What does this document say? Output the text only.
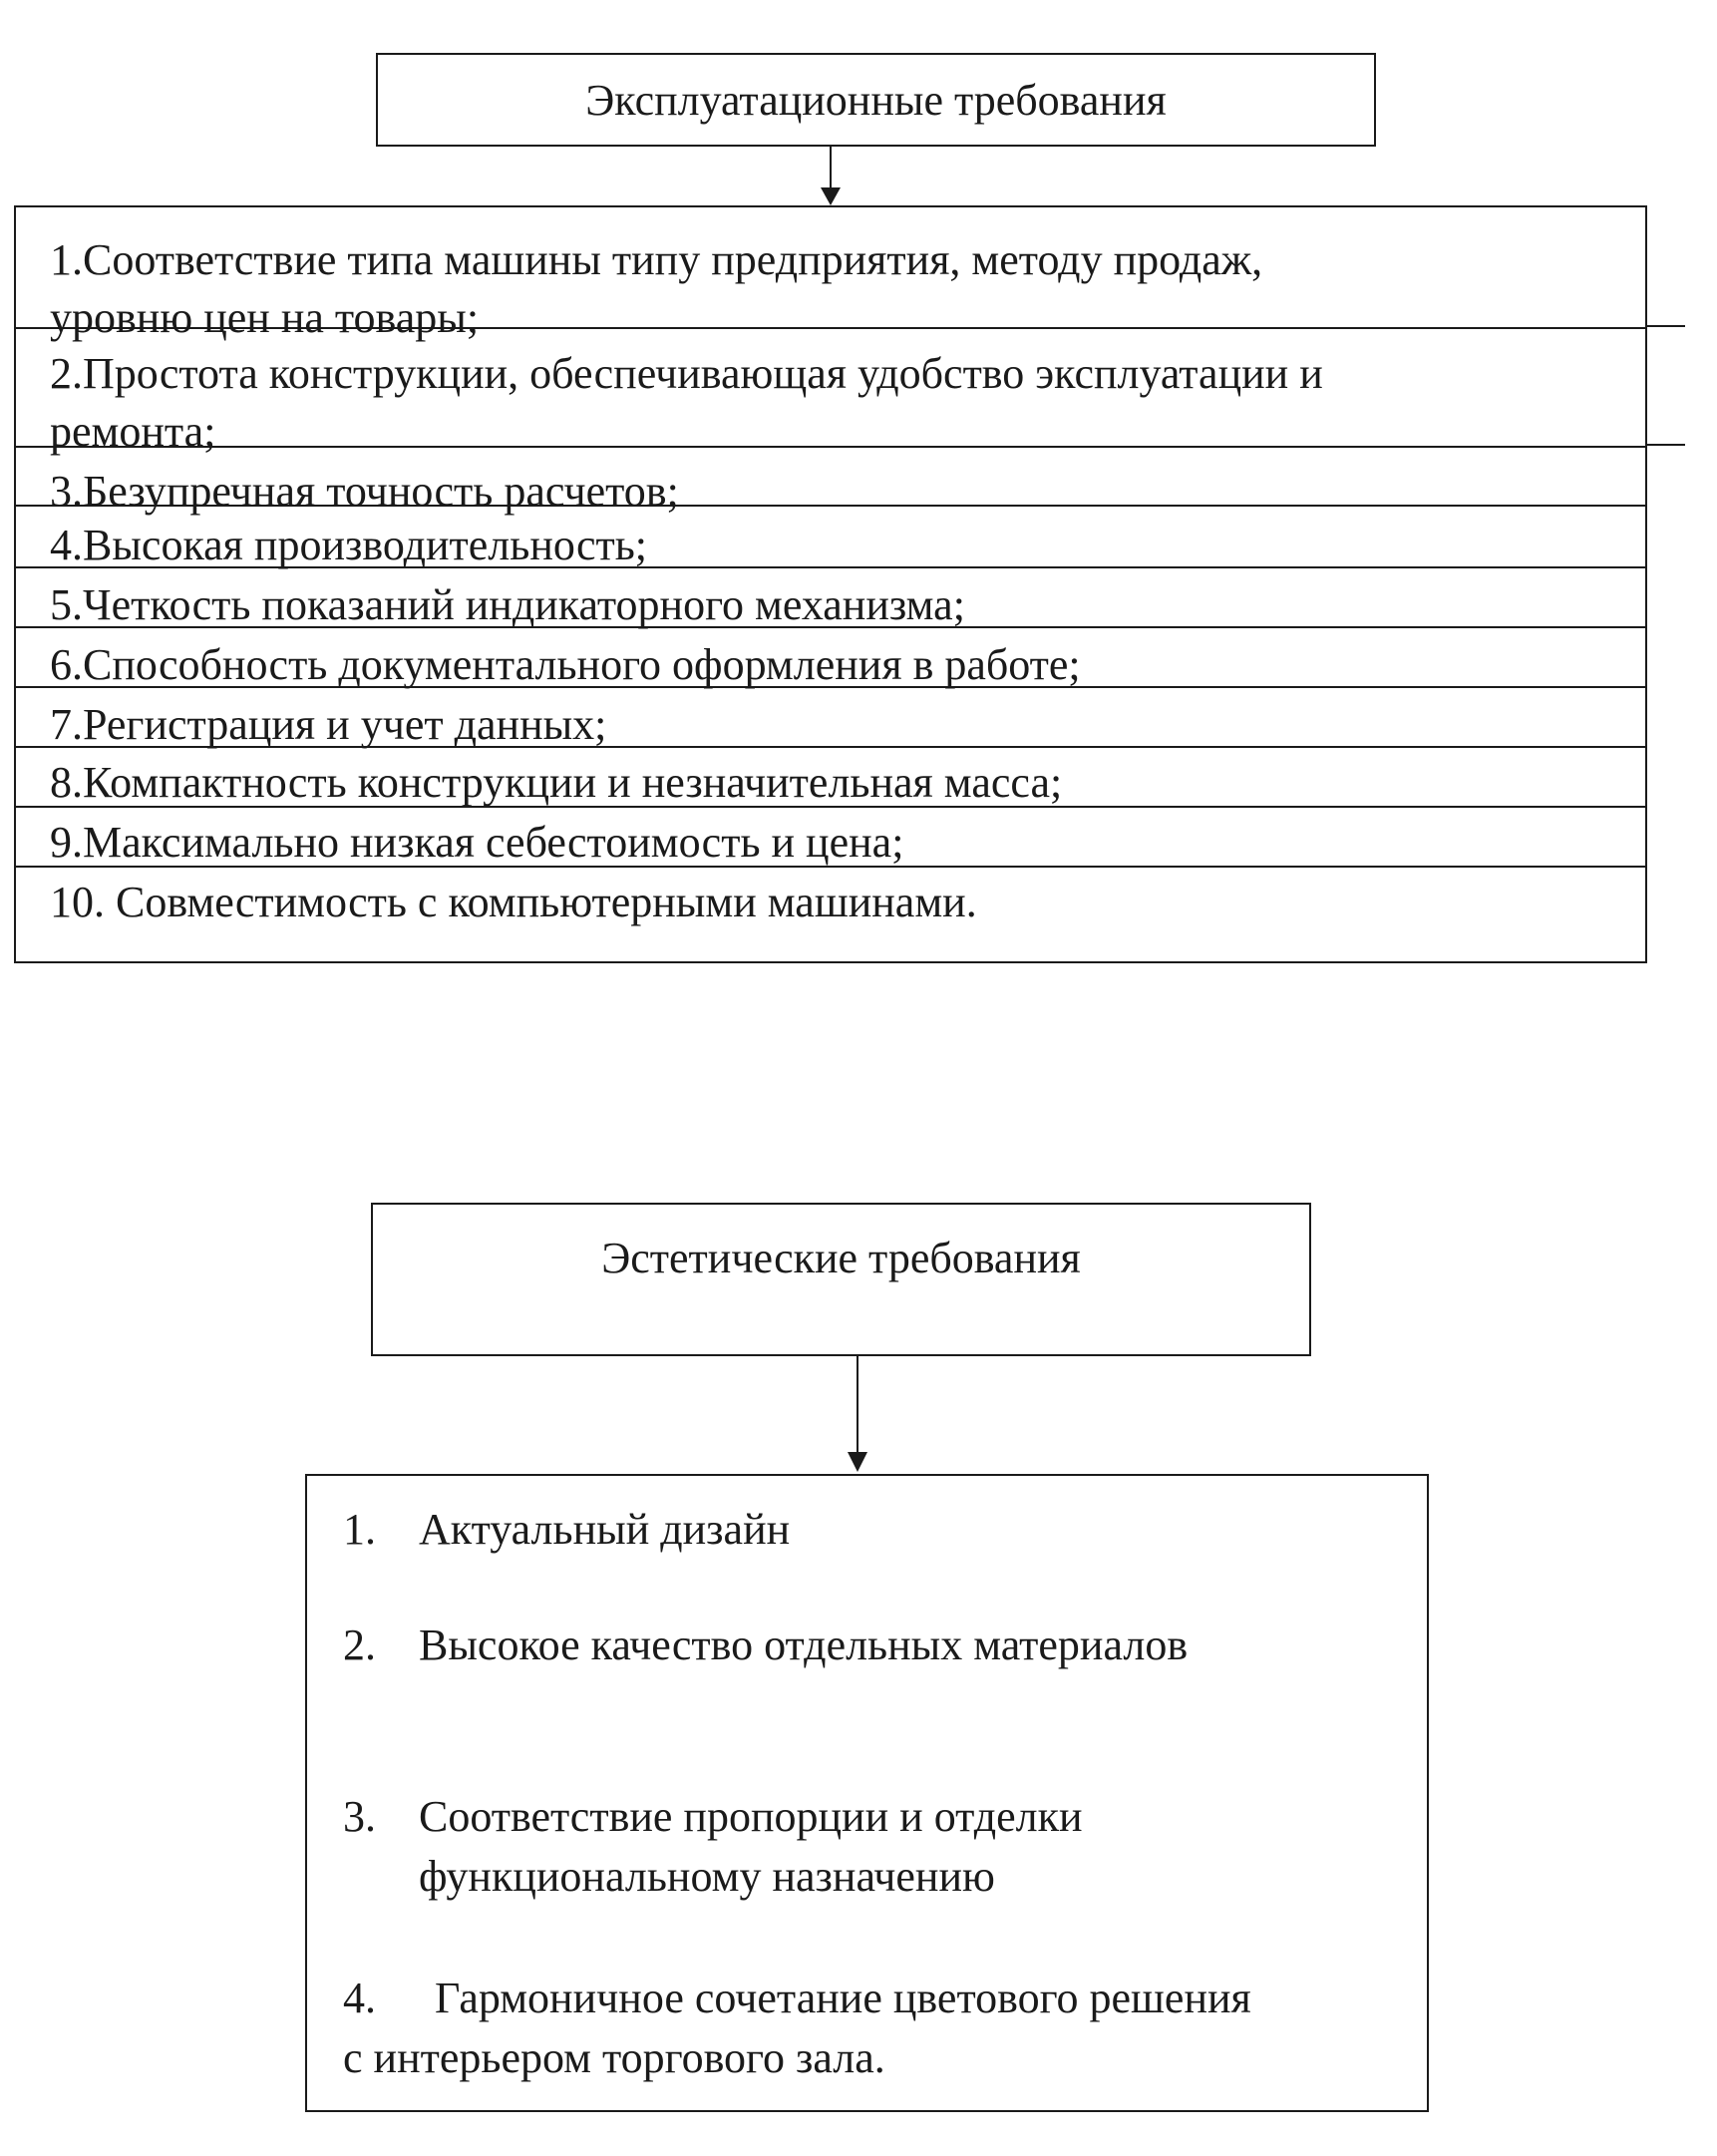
Эксплуатационные требования
1.Соответствие типа машины типу предприятия, методу продаж,
уровню цен на товары;
2.Простота конструкции, обеспечивающая удобство эксплуатации и
ремонта;
3.Безупречная точность расчетов;
4.Высокая производительность;
5.Четкость показаний индикаторного механизма;
6.Способность документального оформления в работе;
7.Регистрация и учет данных;
8.Компактность конструкции и незначительная масса;
9.Максимально низкая себестоимость и цена;
10. Совместимость с компьютерными машинами.
Эстетические требования
1. Актуальный дизайн
2. Высокое качество отдельных материалов
3. Соответствие пропорции и отделки
функциональному назначению
4. Гармоничное сочетание цветового решения
с интерьером торгового зала.
